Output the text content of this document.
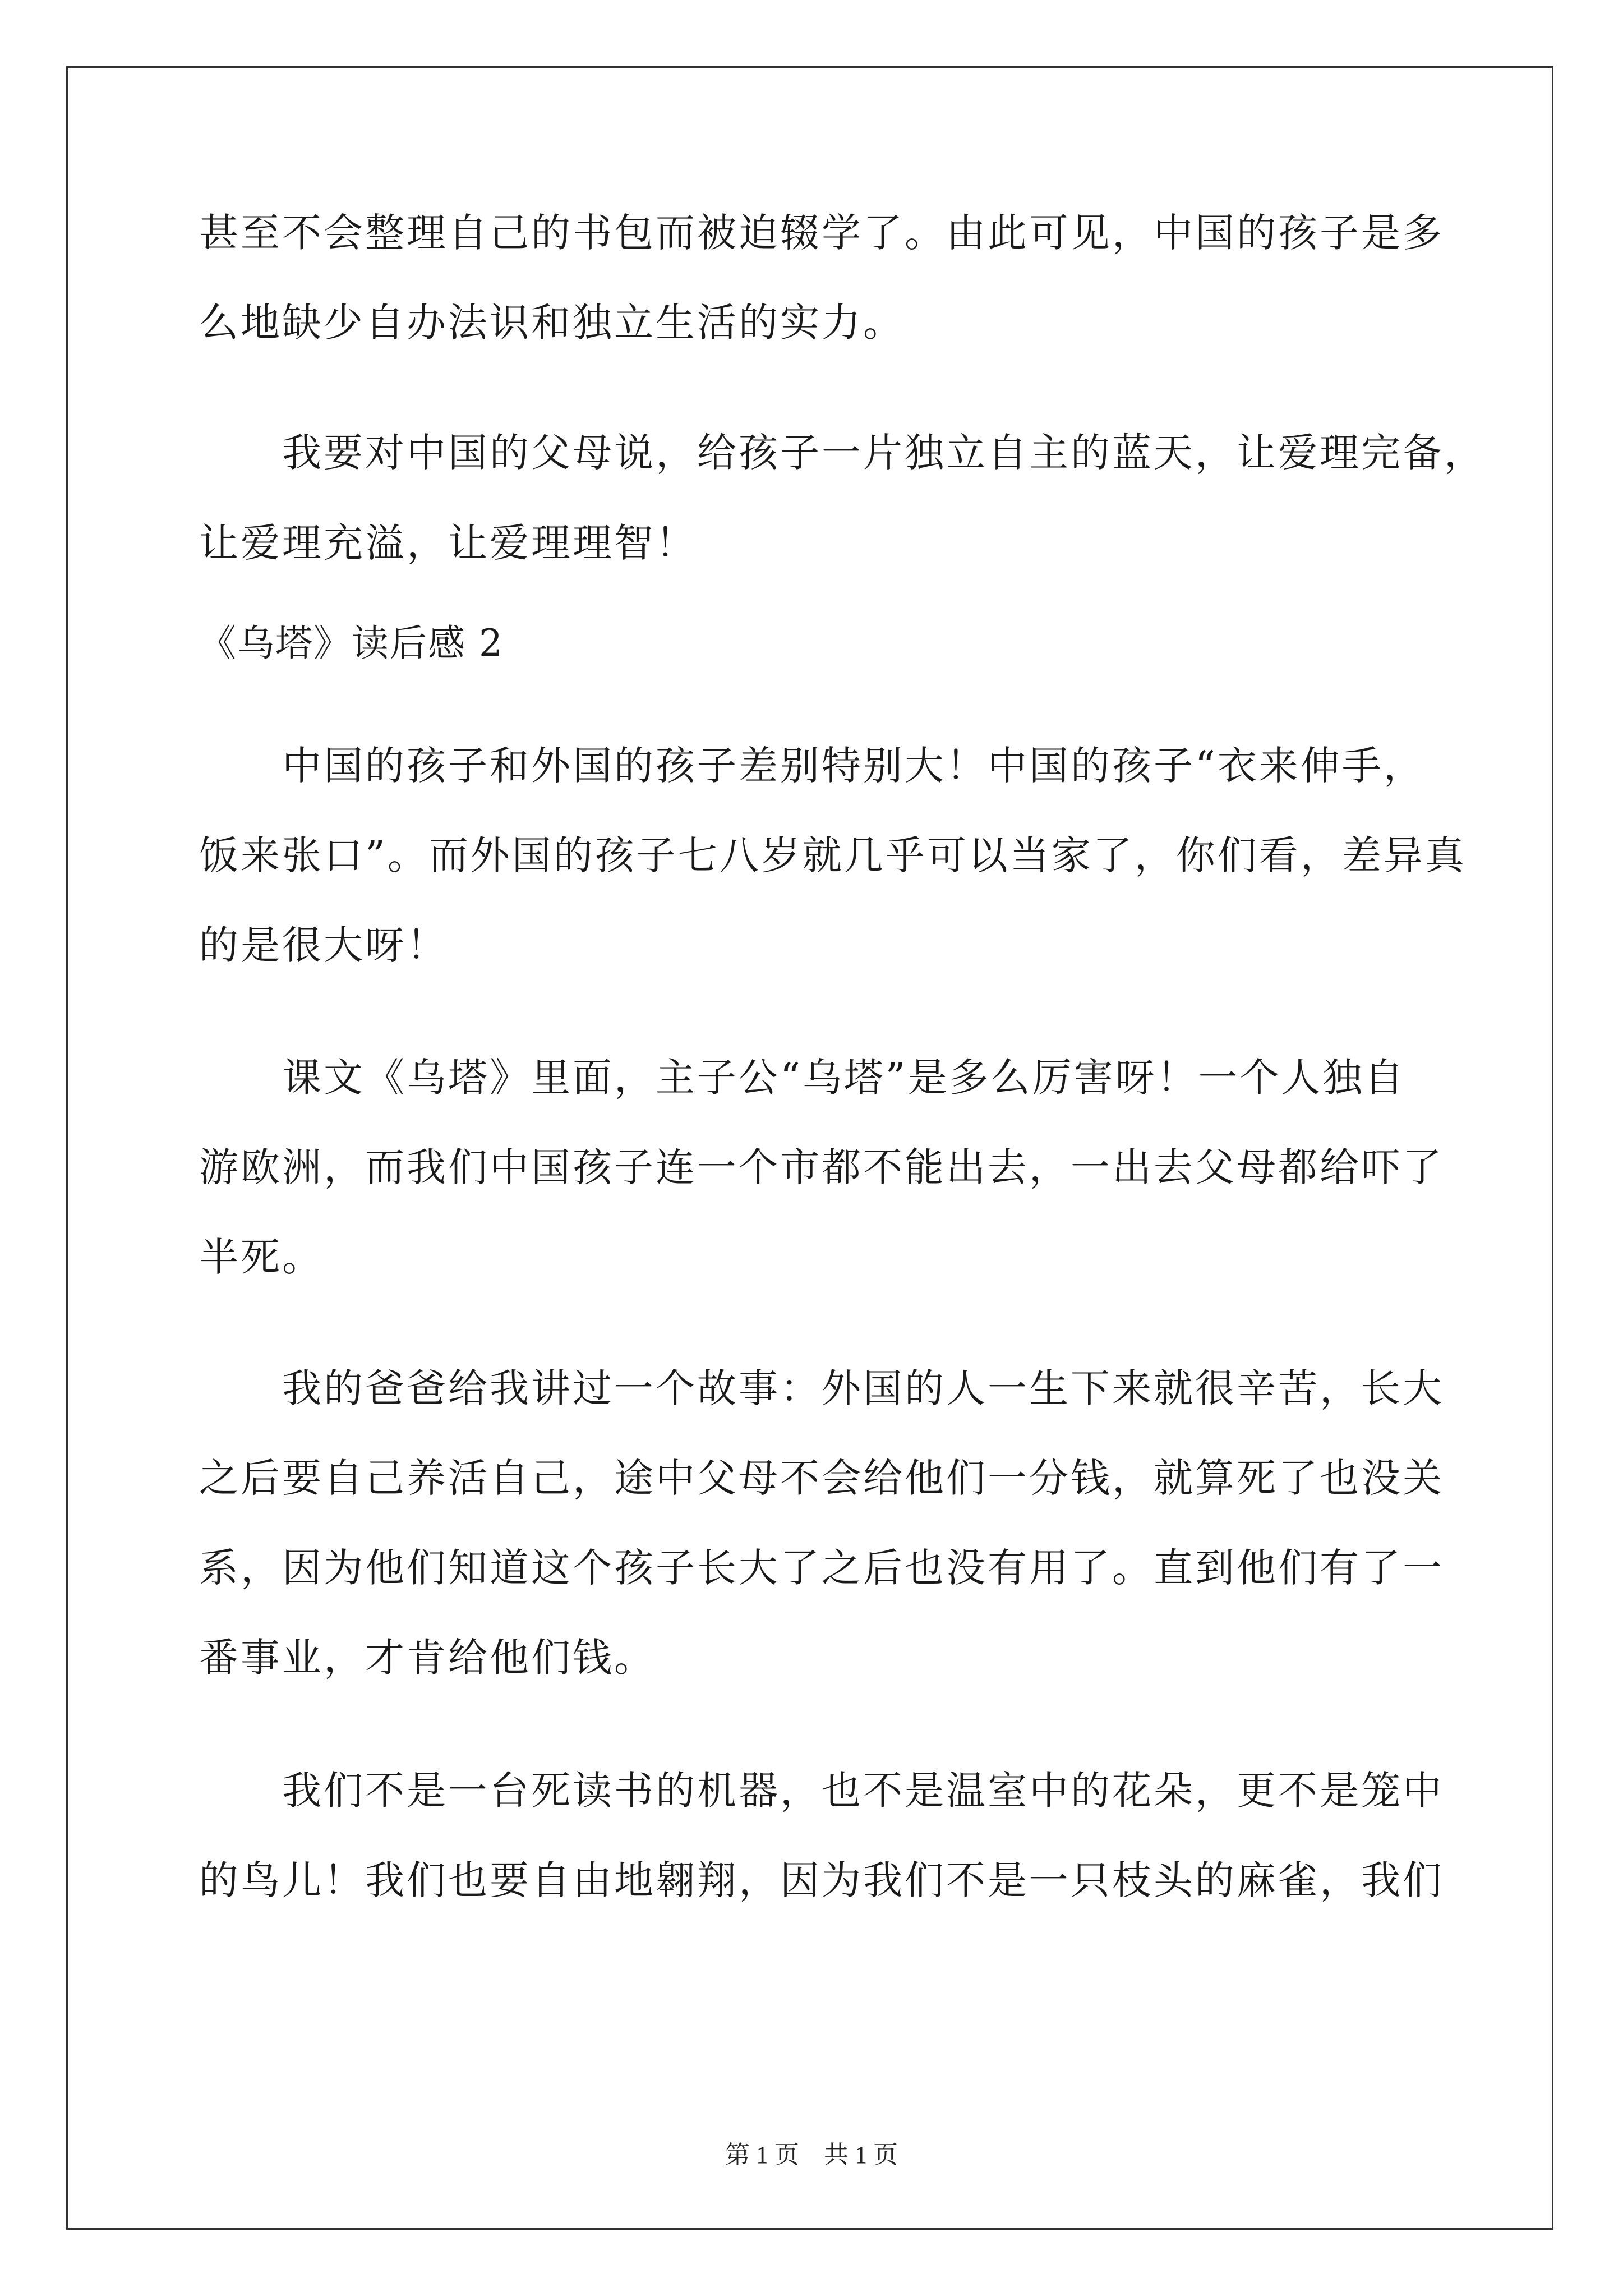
甚至不会整理自己的书包而被迫辍学了。由此可见，中国的孩子是多
么地缺少自办法识和独立生活的实力。
我要对中国的父母说，给孩子一片独立自主的蓝天，让爱理完备，
让爱理充溢，让爱理理智！
《乌塔》读后感 2
中国的孩子和外国的孩子差别特别大！中国的孩子“衣来伸手，
饭来张口”。而外国的孩子七八岁就几乎可以当家了，你们看，差异真
的是很大呀！
课文《乌塔》里面，主子公“乌塔”是多么厉害呀！一个人独自
游欧洲，而我们中国孩子连一个市都不能出去，一出去父母都给吓了
半死。
我的爸爸给我讲过一个故事：外国的人一生下来就很辛苦，长大
之后要自己养活自己，途中父母不会给他们一分钱，就算死了也没关
系，因为他们知道这个孩子长大了之后也没有用了。直到他们有了一
番事业，才肯给他们钱。
我们不是一台死读书的机器，也不是温室中的花朵，更不是笼中
的鸟儿！我们也要自由地翱翔，因为我们不是一只枝头的麻雀，我们
第 1 页　共 1 页
